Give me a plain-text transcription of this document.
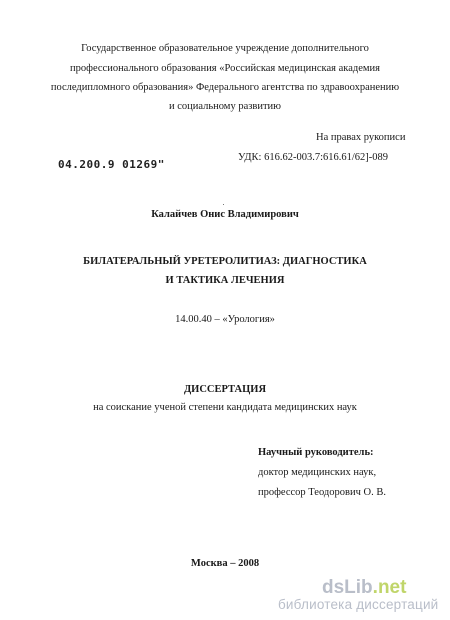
Государственное образовательное учреждение дополнительного
профессионального образования «Российская медицинская академия
последипломного образования» Федерального агентства по здравоохранению
и социальному развитию
На правах рукописи
УДК: 616.62-003.7:616.61/62]-089
04.200.9 01269"
Калайчев Онис Владимирович
БИЛАТЕРАЛЬНЫЙ УРЕТЕРОЛИТИАЗ: ДИАГНОСТИКА
И ТАКТИКА ЛЕЧЕНИЯ
14.00.40 – «Урология»
ДИССЕРТАЦИЯ
на соискание ученой степени кандидата медицинских наук
Научный руководитель:
доктор медицинских наук,
профессор Теодорович О. В.
Москва – 2008
dsLib.net
библиотека диссертаций
